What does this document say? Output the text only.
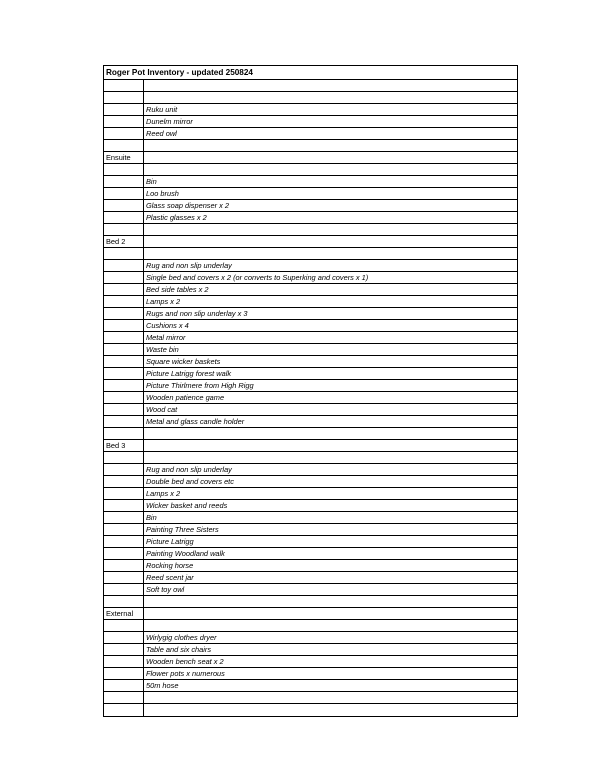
Roger Pot Inventory - updated 250824
Ruku unit
Dunelm mirror
Reed owl
Ensuite
Bin
Loo brush
Glass soap dispenser x 2
Plastic glasses x 2
Bed 2
Rug and non slip underlay
Single bed and covers x 2 (or converts to Superking and covers x 1)
Bed side tables x 2
Lamps x 2
Rugs and non slip underlay x 3
Cushions x 4
Metal mirror
Waste bin
Square wicker baskets
Picture Latrigg forest walk
Picture Thirlmere from High Rigg
Wooden patience game
Wood cat
Metal and glass candle holder
Bed 3
Rug and non slip underlay
Double bed and covers etc
Lamps x 2
Wicker basket and reeds
Bin
Painting Three Sisters
Picture Latrigg
Painting Woodland walk
Rocking horse
Reed scent jar
Soft toy owl
External
Wirlygig clothes dryer
Table and six chairs
Wooden bench seat x 2
Flower pots x numerous
50m hose
